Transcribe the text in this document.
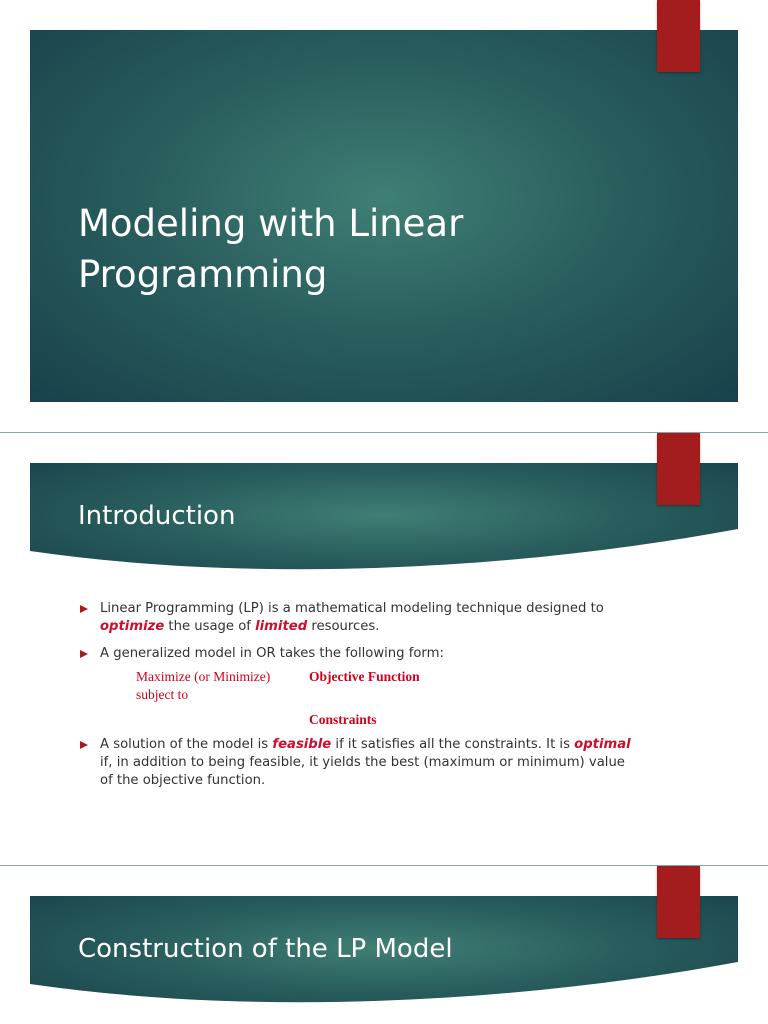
Modeling with Linear
Programming
Introduction
Linear Programming (LP) is a mathematical modeling technique designed to optimize the usage of limited resources.
A generalized model in OR takes the following form:
Maximize (or Minimize)
subject to
Objective Function
Constraints
A solution of the model is feasible if it satisfies all the constraints. It is optimal if, in addition to being feasible, it yields the best (maximum or minimum) value of the objective function.
Construction of the LP Model
